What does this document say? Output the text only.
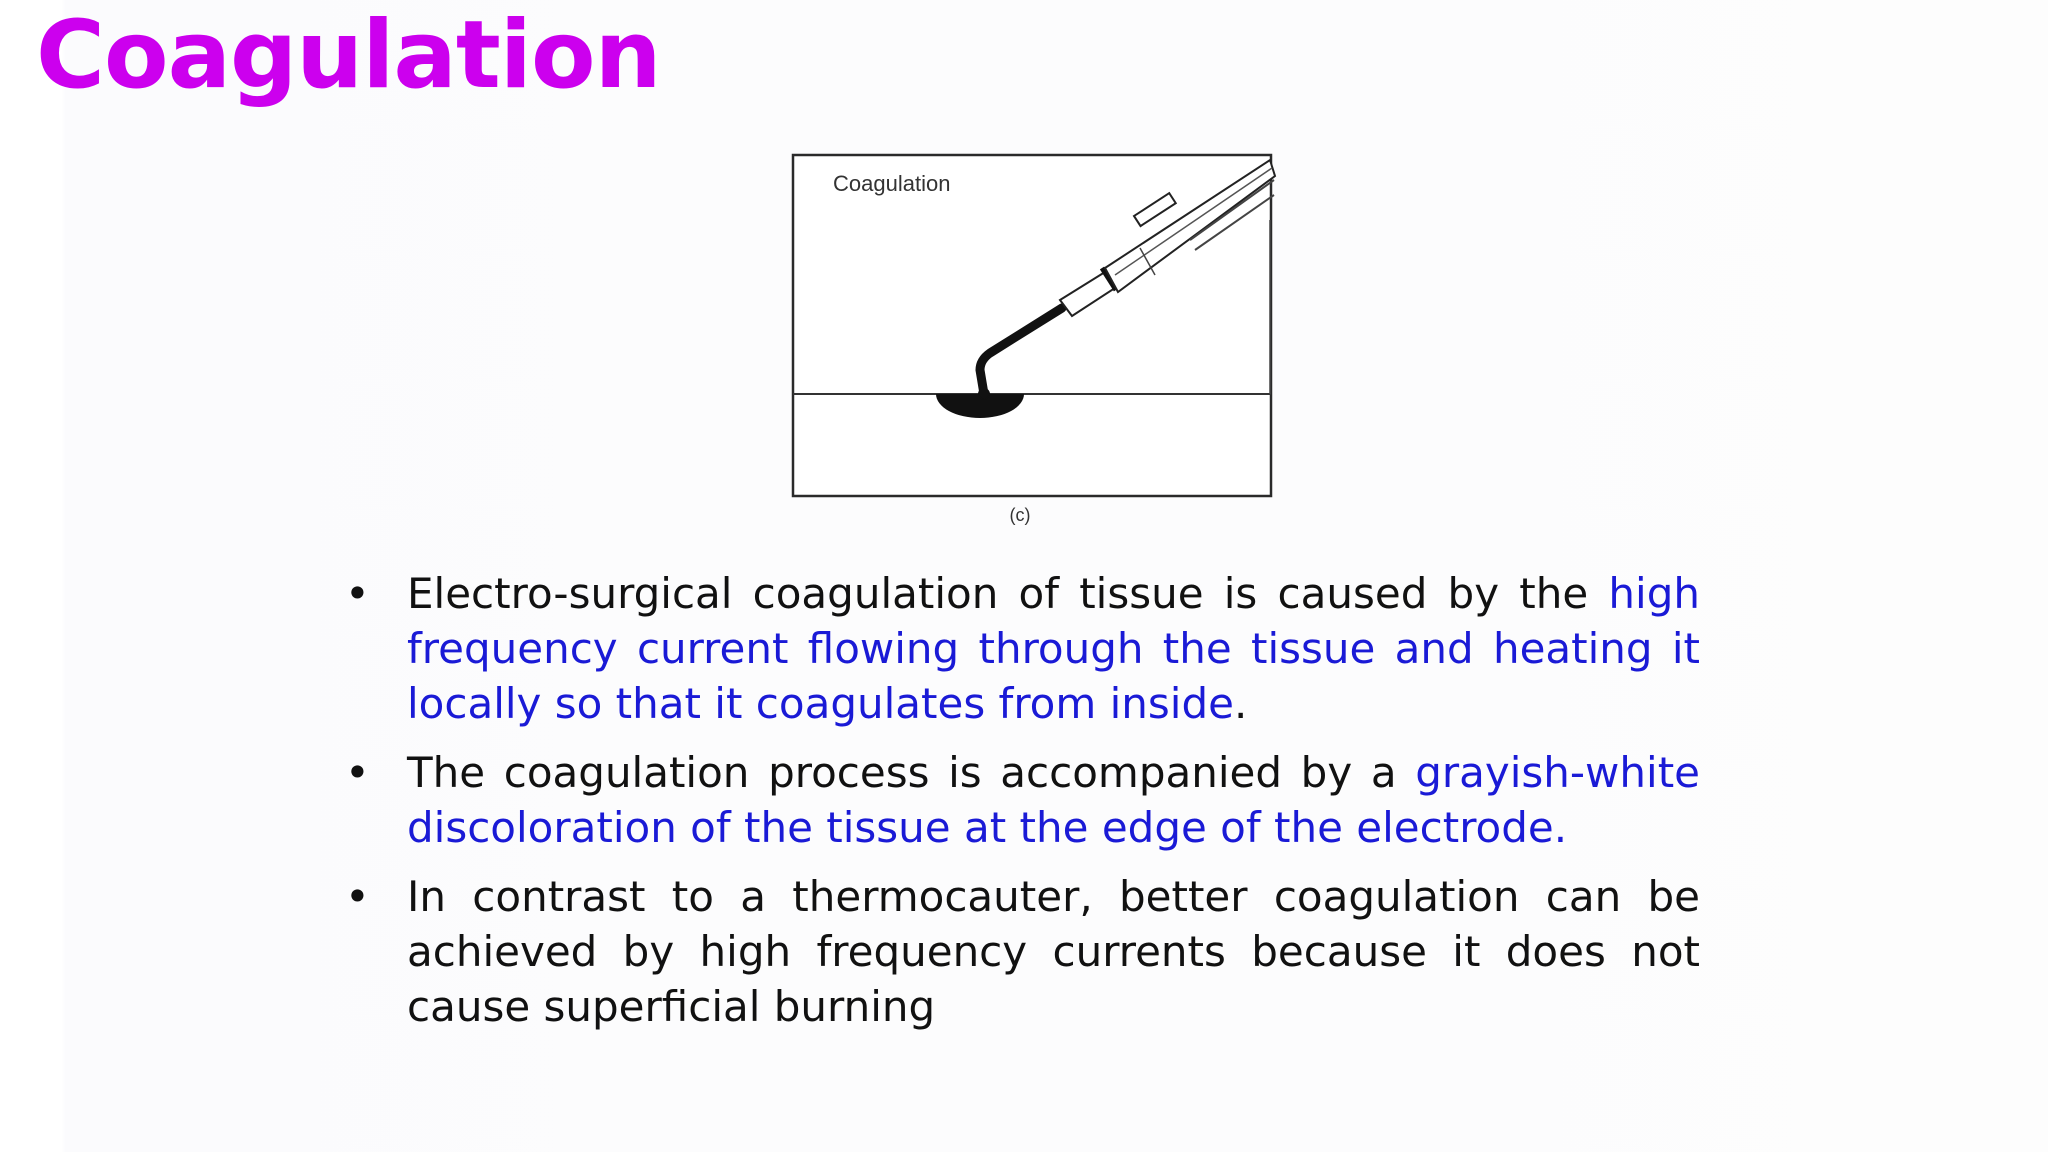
Coagulation
Coagulation
(c)
• Electro-surgical coagulation of tissue is caused by the high frequency current flowing through the tissue and heating it locally so that it coagulates from inside.
• The coagulation process is accompanied by a grayish-white discoloration of the tissue at the edge of the electrode.
• In contrast to a thermocauter, better coagulation can be achieved by high frequency currents because it does not cause superficial burning
